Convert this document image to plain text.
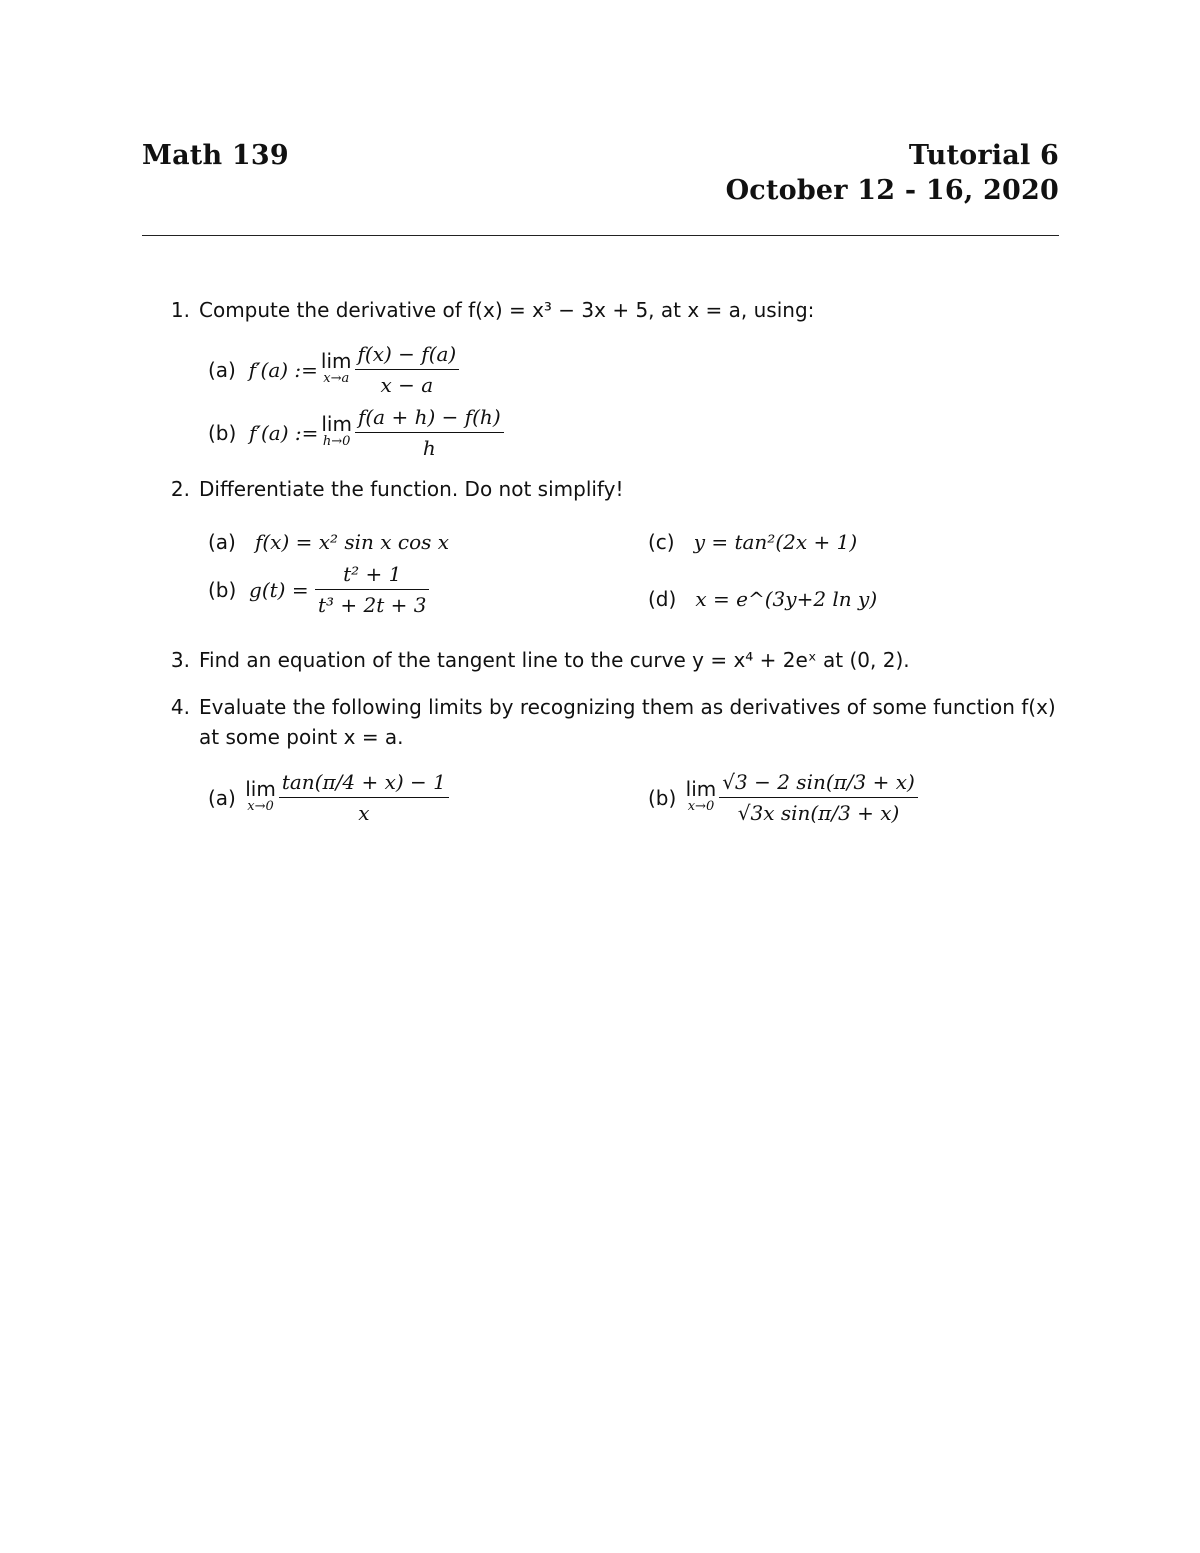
Math 139	Tutorial 6
October 12 - 16, 2020
1. Compute the derivative of f(x) = x³ − 3x + 5, at x = a, using:
(a)
f′(a) := lim
$x\to a \frac{f(x) - f(a)}{x - a}$
(b)
f′(a) := lim
$h\to 0 \frac{f(a + h) - f(h)}{h}$
2. Differentiate the function. Do not simplify!
(a) f(x) = x² sin x cos x
(b)
g(t) =
$\frac{\text{t² + 1}}{\text{t³ + 2t + 3}}$
(c) y = tan²(2x + 1)
(d) x = e^(3y+2 ln y)
3. Find an equation of the tangent line to the curve y = x⁴ + 2eˣ at (0, 2).
4. Evaluate the following limits by recognizing them as derivatives of some function f(x)
at some point x = a.
(a)
lim
$x\to 0 \frac{\tan(\pi/4 + x) - 1}{x}$	(b)
lim
$x\to 0 \frac{√3 - 2 \sin(\pi/3 + x)}{\text{√3x sin(π/3 + x)}}$
